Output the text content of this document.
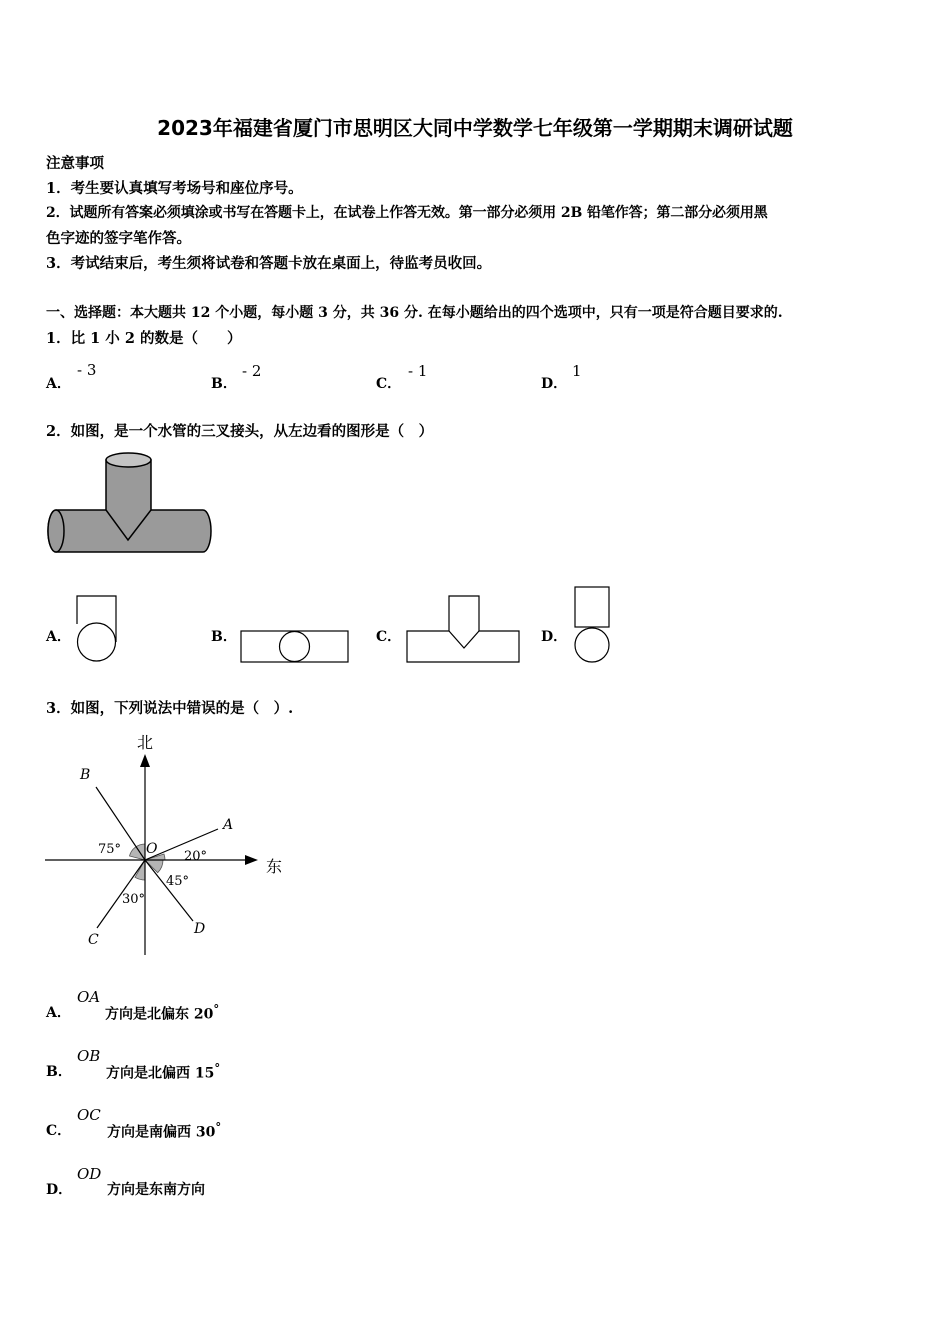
2023年福建省厦门市思明区大同中学数学七年级第一学期期末调研试题
注意事项
1．考生要认真填写考场号和座位序号。
2．试题所有答案必须填涂或书写在答题卡上，在试卷上作答无效。第一部分必须用 2B 铅笔作答；第二部分必须用黑
色字迹的签字笔作答。
3．考试结束后，考生须将试卷和答题卡放在桌面上，待监考员收回。
一、选择题：本大题共 12 个小题，每小题 3 分，共 36 分. 在每小题给出的四个选项中，只有一项是符合题目要求的.
1．比 1 小 2 的数是（　　）
A．
- 3
B．
- 2
C．
- 1
D．
1
2．如图，是一个水管的三叉接头，从左边看的图形是（　）
A．	B．	C．	D．
3．如图，下列说法中错误的是（　）.
北
东
B
A
C
D
O
75°	20°
45°
30°
A．
OA
方向是北偏东 20°
B．
OB
方向是北偏西 15°
C．
OC
方向是南偏西 30°
D．
OD
方向是东南方向
